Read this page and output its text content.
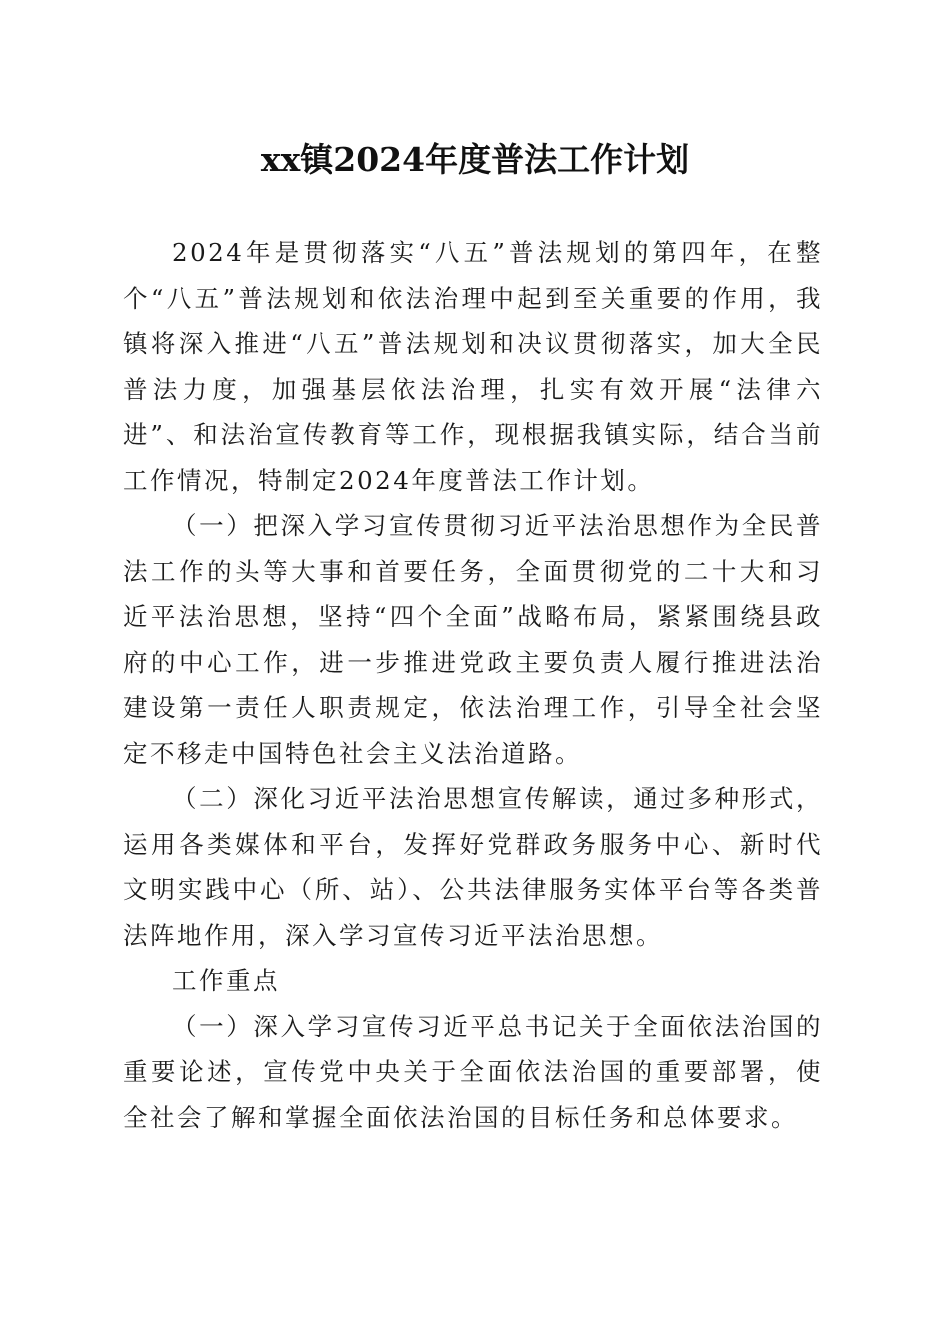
xx镇2024年度普法工作计划

2024年是贯彻落实“八五”普法规划的第四年，在整个“八五”普法规划和依法治理中起到至关重要的作用，我镇将深入推进“八五”普法规划和决议贯彻落实，加大全民普法力度，加强基层依法治理，扎实有效开展“法律六进”、和法治宣传教育等工作，现根据我镇实际，结合当前工作情况，特制定2024年度普法工作计划。

（一）把深入学习宣传贯彻习近平法治思想作为全民普法工作的头等大事和首要任务，全面贯彻党的二十大和习近平法治思想，坚持“四个全面”战略布局，紧紧围绕县政府的中心工作，进一步推进党政主要负责人履行推进法治建设第一责任人职责规定，依法治理工作，引导全社会坚定不移走中国特色社会主义法治道路。

（二）深化习近平法治思想宣传解读，通过多种形式，运用各类媒体和平台，发挥好党群政务服务中心、新时代文明实践中心（所、站）、公共法律服务实体平台等各类普法阵地作用，深入学习宣传习近平法治思想。

工作重点

（一）深入学习宣传习近平总书记关于全面依法治国的重要论述，宣传党中央关于全面依法治国的重要部署，使全社会了解和掌握全面依法治国的目标任务和总体要求。
